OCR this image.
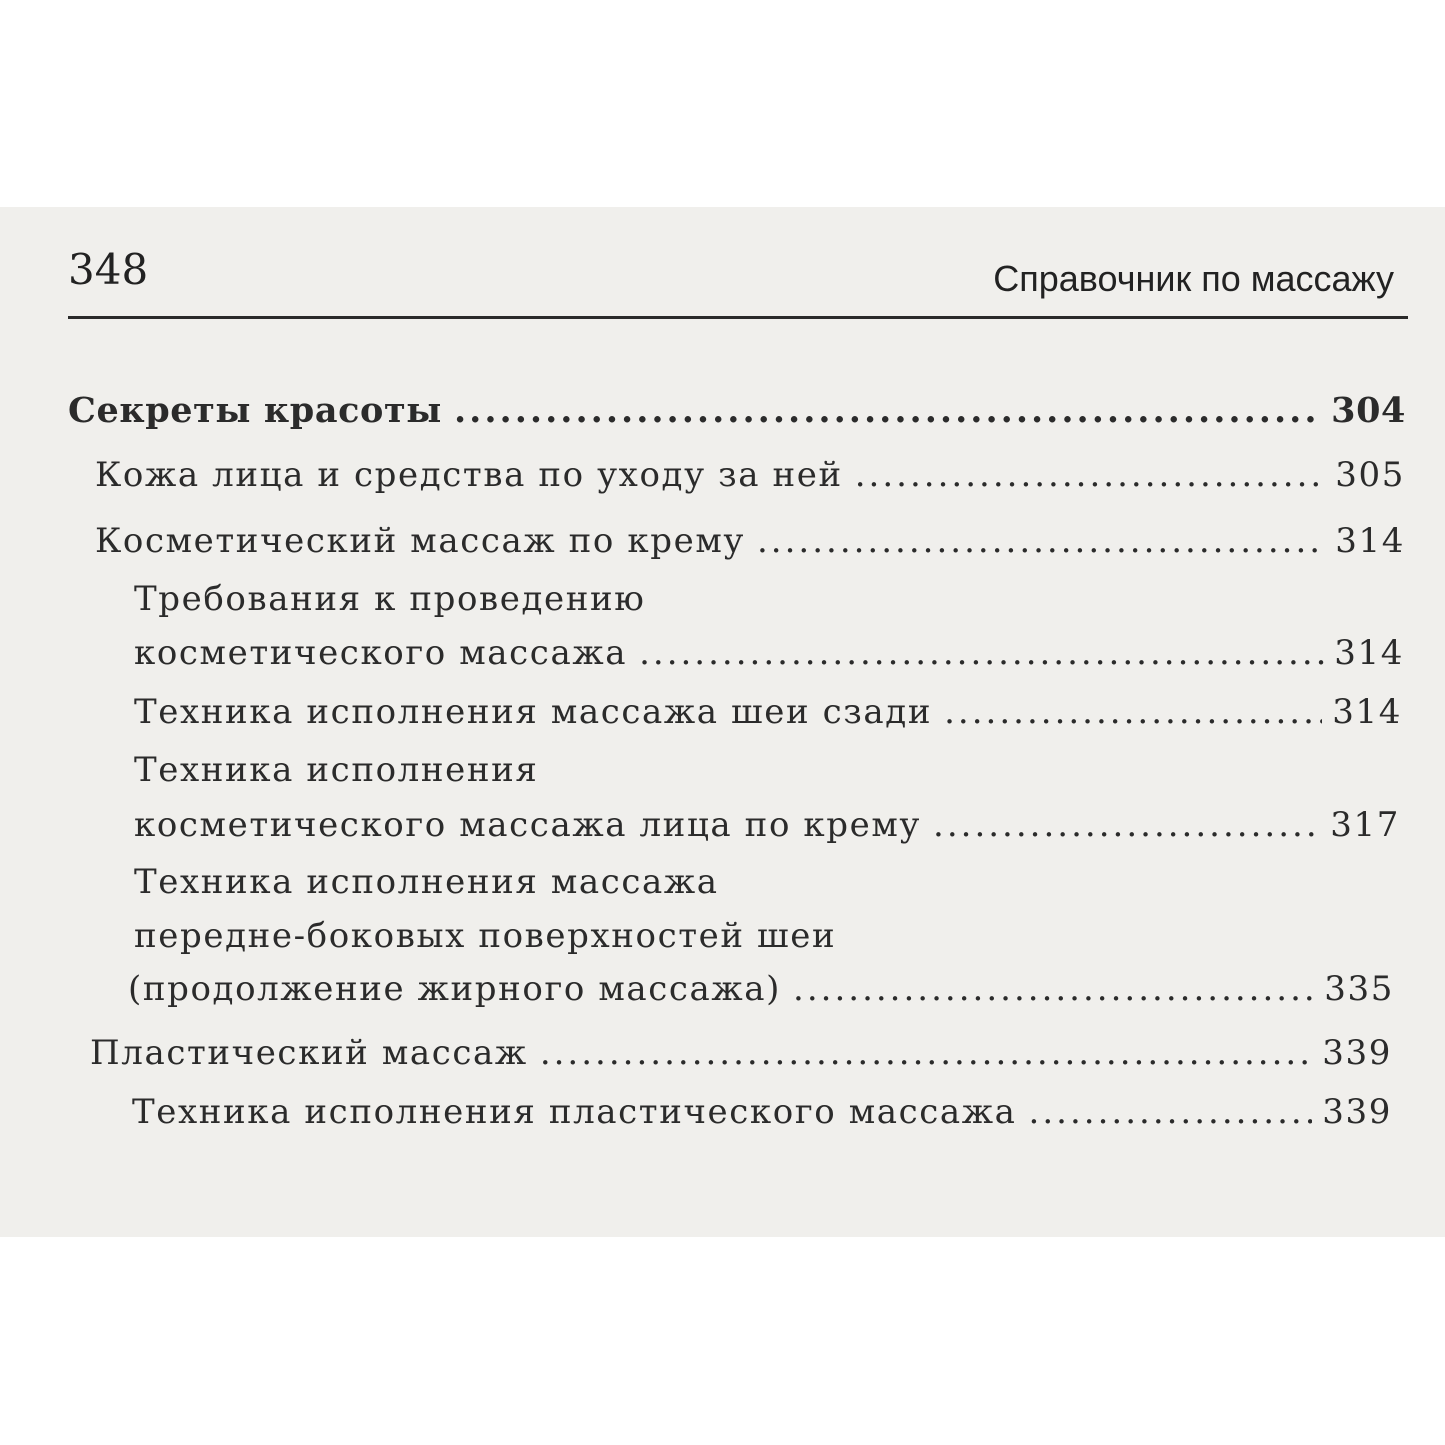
348	Справочник по массажу
Секреты красоты .....	304
Кожа лица и средства по уходу за ней .....	305
Косметический массаж по крему .....	314
Требования к проведению
косметического массажа .....	314
Техника исполнения массажа шеи сзади .....	314
Техника исполнения
косметического массажа лица по крему .....	317
Техника исполнения массажа
передне-боковых поверхностей шеи
(продолжение жирного массажа) .....	335
Пластический массаж .....	339
Техника исполнения пластического массажа .....	339
